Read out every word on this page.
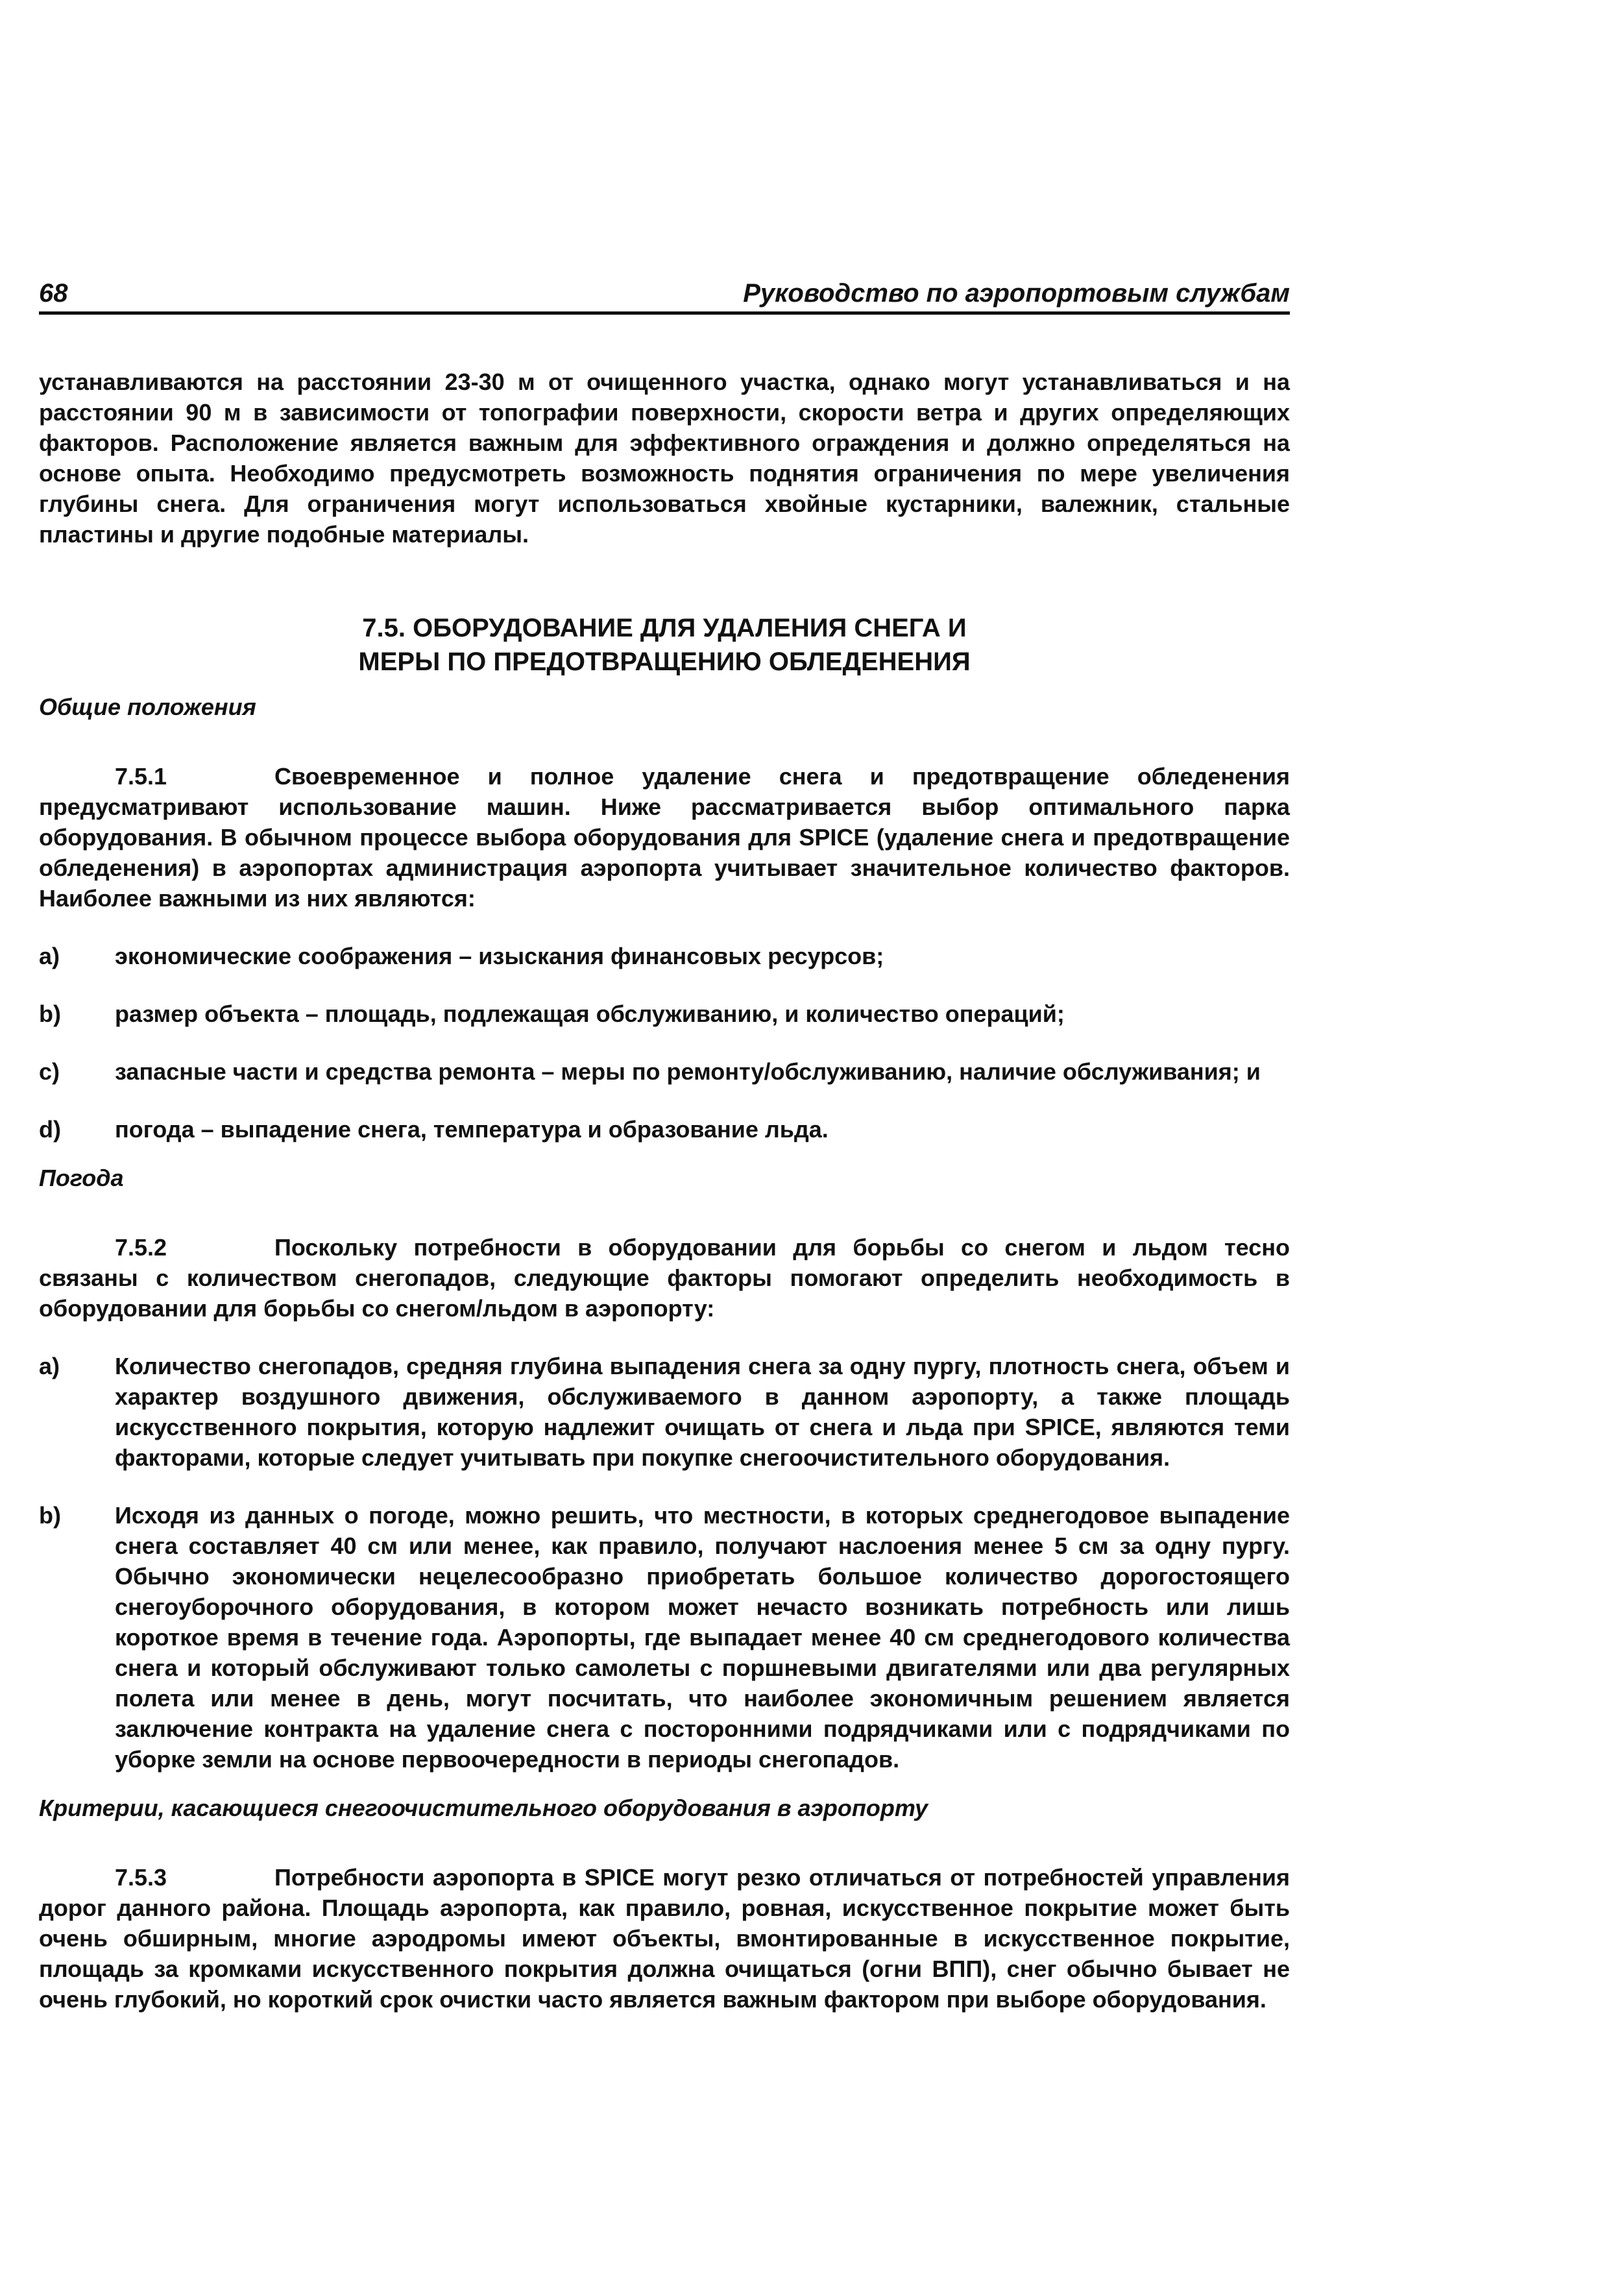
68	Руководство по аэропортовым службам

устанавливаются на расстоянии 23-30 м от очищенного участка, однако могут устанавливаться и на расстоянии 90 м в зависимости от топографии поверхности, скорости ветра и других определяющих факторов. Расположение является важным для эффективного ограждения и должно определяться на основе опыта. Необходимо предусмотреть возможность поднятия ограничения по мере увеличения глубины снега. Для ограничения могут использоваться хвойные кустарники, валежник, стальные пластины и другие подобные материалы.

7.5. ОБОРУДОВАНИЕ ДЛЯ УДАЛЕНИЯ СНЕГА И
МЕРЫ ПО ПРЕДОТВРАЩЕНИЮ ОБЛЕДЕНЕНИЯ
Общие положения

7.5.1	Своевременное и полное удаление снега и предотвращение обледенения предусматривают использование машин. Ниже рассматривается выбор оптимального парка оборудования. В обычном процессе выбора оборудования для SPICE (удаление снега и предотвращение обледенения) в аэропортах администрация аэропорта учитывает значительное количество факторов. Наиболее важными из них являются:

a)	экономические соображения – изыскания финансовых ресурсов;
b)	размер объекта – площадь, подлежащая обслуживанию, и количество операций;
c)	запасные части и средства ремонта – меры по ремонту/обслуживанию, наличие обслуживания; и
d)	погода – выпадение снега, температура и образование льда.
Погода

7.5.2	Поскольку потребности в оборудовании для борьбы со снегом и льдом тесно связаны с количеством снегопадов, следующие факторы помогают определить необходимость в оборудовании для борьбы со снегом/льдом в аэропорту:

a)	Количество снегопадов, средняя глубина выпадения снега за одну пургу, плотность снега, объем и характер воздушного движения, обслуживаемого в данном аэропорту, а также площадь искусственного покрытия, которую надлежит очищать от снега и льда при SPICE, являются теми факторами, которые следует учитывать при покупке снегоочистительного оборудования.
b)	Исходя из данных о погоде, можно решить, что местности, в которых среднегодовое выпадение снега составляет 40 см или менее, как правило, получают наслоения менее 5 см за одну пургу. Обычно экономически нецелесообразно приобретать большое количество дорогостоящего снегоуборочного оборудования, в котором может нечасто возникать потребность или лишь короткое время в течение года. Аэропорты, где выпадает менее 40 см среднегодового количества снега и который обслуживают только самолеты с поршневыми двигателями или два регулярных полета или менее в день, могут посчитать, что наиболее экономичным решением является заключение контракта на удаление снега с посторонними подрядчиками или с подрядчиками по уборке земли на основе первоочередности в периоды снегопадов.
Критерии, касающиеся снегоочистительного оборудования в аэропорту

7.5.3	Потребности аэропорта в SPICE могут резко отличаться от потребностей управления дорог данного района. Площадь аэропорта, как правило, ровная, искусственное покрытие может быть очень обширным, многие аэродромы имеют объекты, вмонтированные в искусственное покрытие, площадь за кромками искусственного покрытия должна очищаться (огни ВПП), снег обычно бывает не очень глубокий, но короткий срок очистки часто является важным фактором при выборе оборудования.
